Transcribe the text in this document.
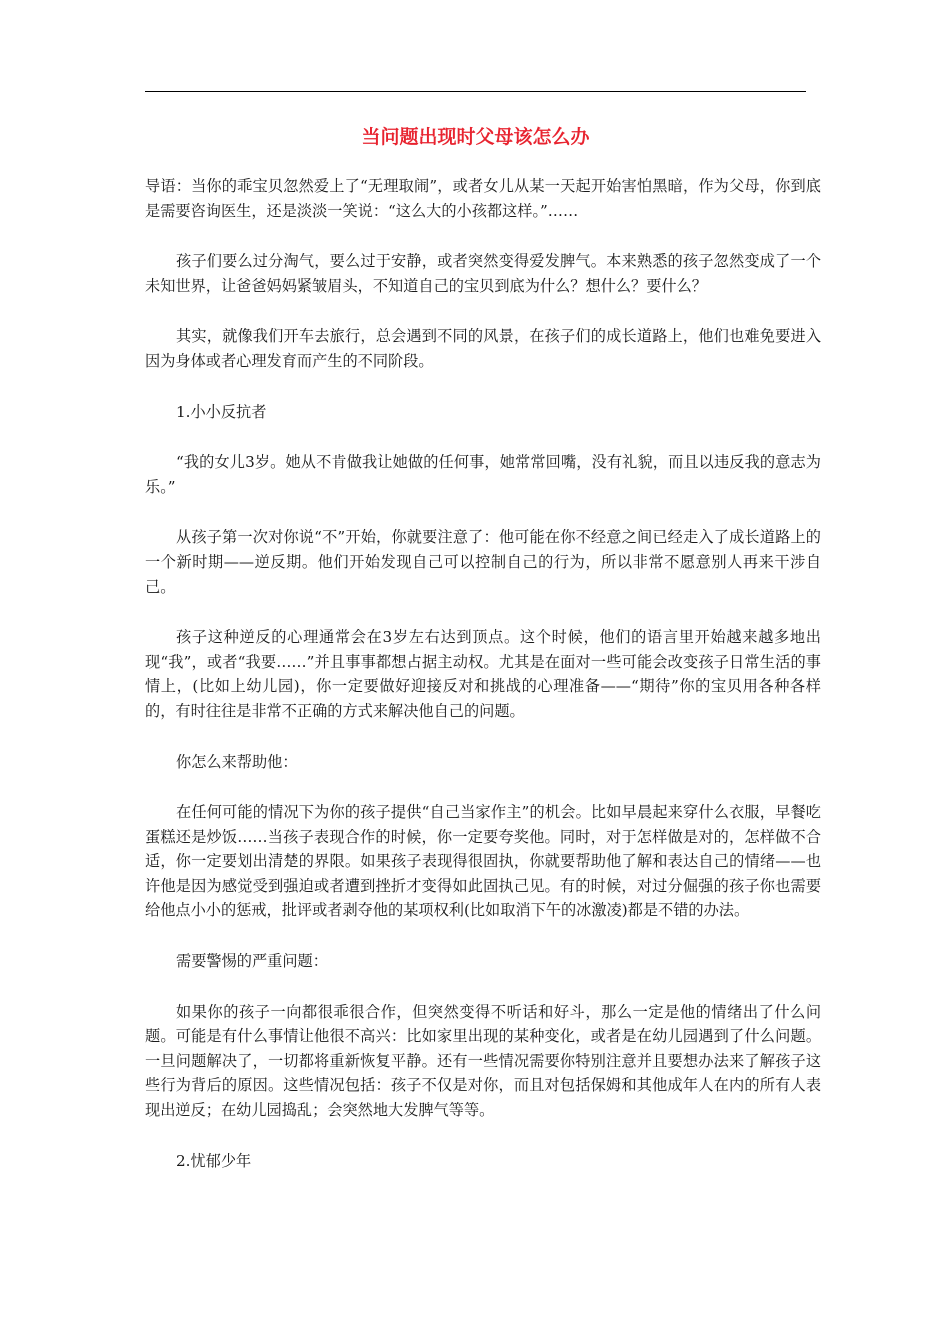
当问题出现时父母该怎么办

导语：当你的乖宝贝忽然爱上了“无理取闹”，或者女儿从某一天起开始害怕黑暗，作为父母，你到底是需要咨询医生，还是淡淡一笑说：“这么大的小孩都这样。”……

孩子们要么过分淘气，要么过于安静，或者突然变得爱发脾气。本来熟悉的孩子忽然变成了一个未知世界，让爸爸妈妈紧皱眉头，不知道自己的宝贝到底为什么？想什么？要什么？

其实，就像我们开车去旅行，总会遇到不同的风景，在孩子们的成长道路上，他们也难免要进入因为身体或者心理发育而产生的不同阶段。

1.小小反抗者

“我的女儿3岁。她从不肯做我让她做的任何事，她常常回嘴，没有礼貌，而且以违反我的意志为乐。”

从孩子第一次对你说“不”开始，你就要注意了：他可能在你不经意之间已经走入了成长道路上的一个新时期——逆反期。他们开始发现自己可以控制自己的行为，所以非常不愿意别人再来干涉自己。

孩子这种逆反的心理通常会在3岁左右达到顶点。这个时候，他们的语言里开始越来越多地出现“我”，或者“我要……”并且事事都想占据主动权。尤其是在面对一些可能会改变孩子日常生活的事情上，(比如上幼儿园)，你一定要做好迎接反对和挑战的心理准备——“期待”你的宝贝用各种各样的，有时往往是非常不正确的方式来解决他自己的问题。

你怎么来帮助他：

在任何可能的情况下为你的孩子提供“自己当家作主”的机会。比如早晨起来穿什么衣服，早餐吃蛋糕还是炒饭……当孩子表现合作的时候，你一定要夸奖他。同时，对于怎样做是对的，怎样做不合适，你一定要划出清楚的界限。如果孩子表现得很固执，你就要帮助他了解和表达自己的情绪——也许他是因为感觉受到强迫或者遭到挫折才变得如此固执己见。有的时候，对过分倔强的孩子你也需要给他点小小的惩戒，批评或者剥夺他的某项权利(比如取消下午的冰激凌)都是不错的办法。

需要警惕的严重问题：

如果你的孩子一向都很乖很合作，但突然变得不听话和好斗，那么一定是他的情绪出了什么问题。可能是有什么事情让他很不高兴：比如家里出现的某种变化，或者是在幼儿园遇到了什么问题。一旦问题解决了，一切都将重新恢复平静。还有一些情况需要你特别注意并且要想办法来了解孩子这些行为背后的原因。这些情况包括：孩子不仅是对你，而且对包括保姆和其他成年人在内的所有人表现出逆反；在幼儿园捣乱；会突然地大发脾气等等。

2.忧郁少年
